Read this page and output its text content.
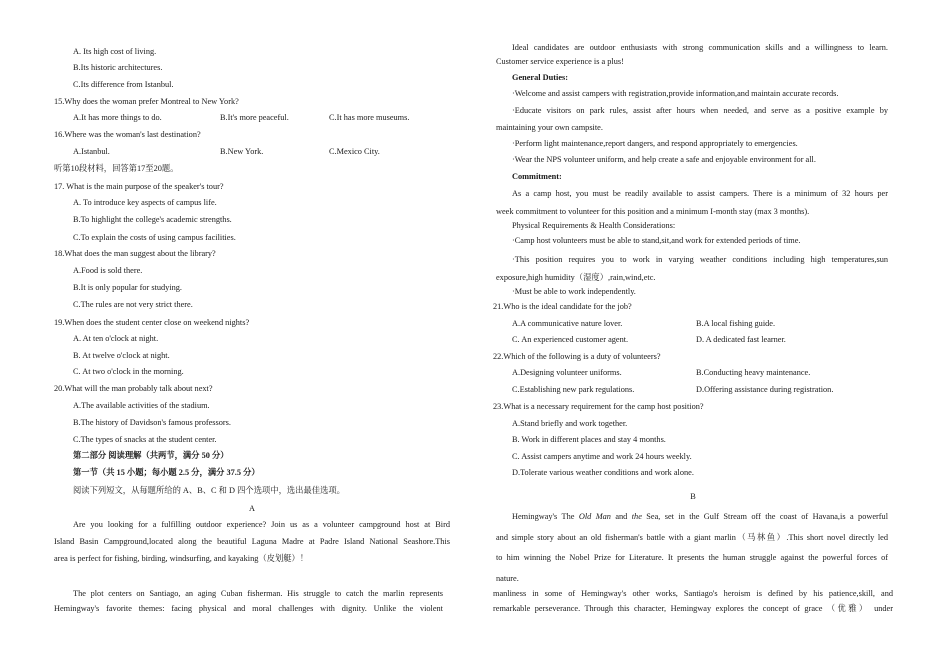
A. Its high cost of living.
B.Its historic architectures.
C.Its difference from Istanbul.
15.Why does the woman prefer Montreal to New York?
A.It has more things to do.	B.It's more peaceful.	C.It has more museums.
16.Where was the woman's last destination?
A.Istanbul.	B.New York.	C.Mexico City.
听第10段材料，回答第17至20题。
17. What is the main purpose of the speaker's tour?
A. To introduce key aspects of campus life.
B.To highlight the college's academic strengths.
C.To explain the costs of using campus facilities.
18.What does the man suggest about the library?
A.Food is sold there.
B.It is only popular for studying.
C.The rules are not very strict there.
19.When does the student center close on weekend nights?
A. At ten o'clock at night.
B. At twelve o'clock at night.
C. At two o'clock in the morning.
20.What will the man probably talk about next?
A.The available activities of the stadium.
B.The history of Davidson's famous professors.
C.The types of snacks at the student center.
第二部分 阅读理解（共两节，满分 50 分）
第一节（共 15 小题；每小题 2.5 分，满分 37.5 分）
阅读下列短文，从每题所给的 A、B、C 和 D 四个选项中，选出最佳选项。
A
Are you looking for a fulfilling outdoor experience? Join us as a volunteer campground host at Bird
Island Basin Campground,located along the beautiful Laguna Madre at Padre Island National Seashore.This
area is perfect for fishing, birding, windsurfing, and kayaking（皮划艇）！
The plot centers on Santiago, an aging Cuban fisherman. His struggle to catch the marlin represents
Hemingway's favorite themes: facing physical and moral challenges with dignity. Unlike the violent
Ideal candidates are outdoor enthusiasts with strong communication skills and a willingness to learn.
Customer service experience is a plus!
General Duties:
·Welcome and assist campers with registration,provide information,and maintain accurate records.
·Educate visitors on park rules, assist after hours when needed, and serve as a positive example by
maintaining your own campsite.
·Perform light maintenance,report dangers, and respond appropriately to emergencies.
·Wear the NPS volunteer uniform, and help create a safe and enjoyable environment for all.
Commitment:
As a camp host, you must be readily available to assist campers. There is a minimum of 32 hours per
week commitment to volunteer for this position and a minimum I-month stay (max 3 months).
Physical Requirements & Health Considerations:
·Camp host volunteers must be able to stand,sit,and work for extended periods of time.
·This position requires you to work in varying weather conditions including high temperatures,sun
exposure,high humidity（湿度）,rain,wind,etc.
·Must be able to work independently.
21.Who is the ideal candidate for the job?
A.A communicative nature lover.	B.A local fishing guide.
C. An experienced customer agent.	D. A dedicated fast learner.
22.Which of the following is a duty of volunteers?
A.Designing volunteer uniforms.	B.Conducting heavy maintenance.
C.Establishing new park regulations.	D.Offering assistance during registration.
23.What is a necessary requirement for the camp host position?
A.Stand briefly and work together.
B. Work in different places and stay 4 months.
C. Assist campers anytime and work 24 hours weekly.
D.Tolerate various weather conditions and work alone.
B
Hemingway's The Old Man and the Sea, set in the Gulf Stream off the coast of Havana,is a powerful
and simple story about an old fisherman's battle with a giant marlin（马林鱼）.This short novel directly led
to him winning the Nobel Prize for Literature. It presents the human struggle against the powerful forces of
nature.
manliness in some of Hemingway's other works, Santiago's heroism is defined by his patience,skill, and
remarkable perseverance. Through this character, Hemingway explores the concept of grace （优雅） under
